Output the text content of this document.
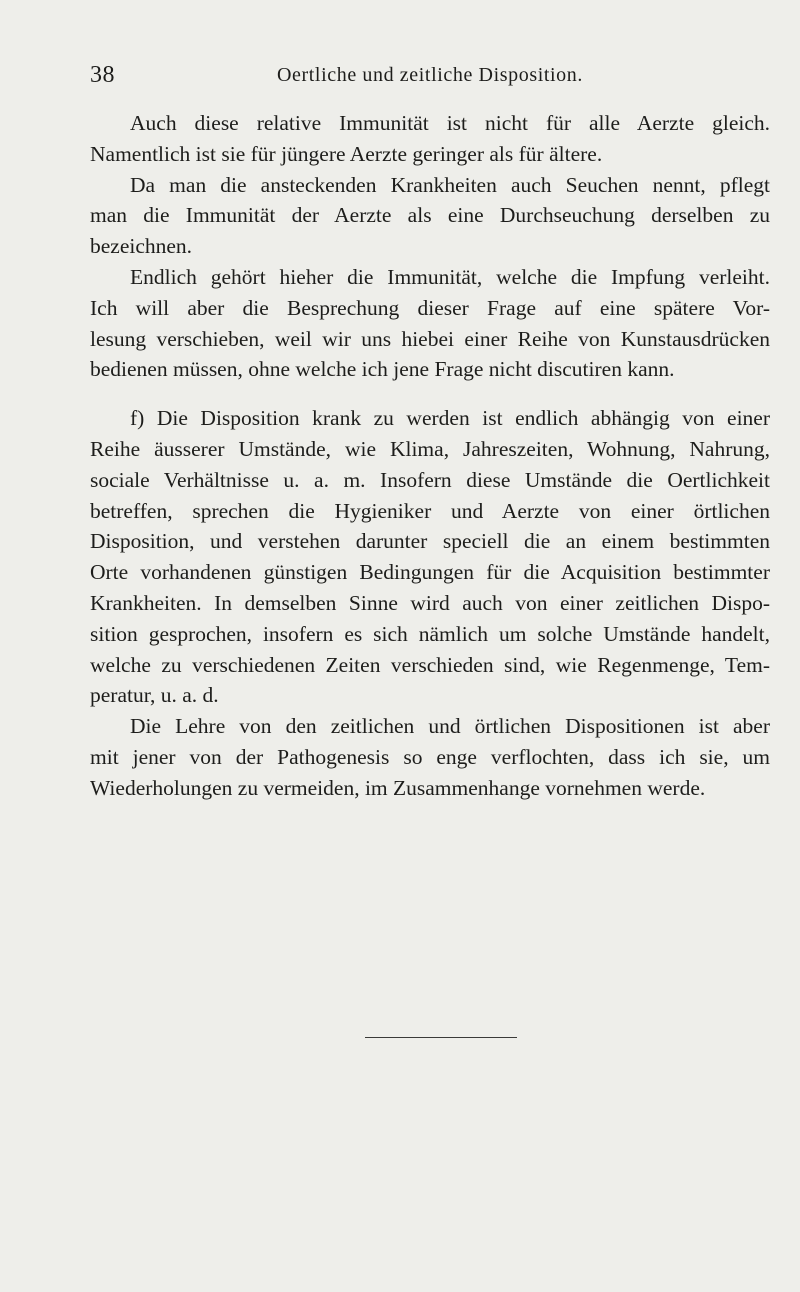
38	Oertliche und zeitliche Disposition.

Auch diese relative Immunität ist nicht für alle Aerzte gleich.
Namentlich ist sie für jüngere Aerzte geringer als für ältere.

Da man die ansteckenden Krankheiten auch Seuchen nennt, pflegt
man die Immunität der Aerzte als eine Durchseuchung derselben zu
bezeichnen.

Endlich gehört hieher die Immunität, welche die Impfung verleiht.
Ich will aber die Besprechung dieser Frage auf eine spätere Vor-
lesung verschieben, weil wir uns hiebei einer Reihe von Kunstausdrücken
bedienen müssen, ohne welche ich jene Frage nicht discutiren kann.

f) Die Disposition krank zu werden ist endlich abhängig von einer
Reihe äusserer Umstände, wie Klima, Jahreszeiten, Wohnung, Nahrung,
sociale Verhältnisse u. a. m. Insofern diese Umstände die Oertlichkeit
betreffen, sprechen die Hygieniker und Aerzte von einer örtlichen
Disposition, und verstehen darunter speciell die an einem bestimmten
Orte vorhandenen günstigen Bedingungen für die Acquisition bestimmter
Krankheiten. In demselben Sinne wird auch von einer zeitlichen Dispo-
sition gesprochen, insofern es sich nämlich um solche Umstände handelt,
welche zu verschiedenen Zeiten verschieden sind, wie Regenmenge, Tem-
peratur, u. a. d.

Die Lehre von den zeitlichen und örtlichen Dispositionen ist aber
mit jener von der Pathogenesis so enge verflochten, dass ich sie, um
Wiederholungen zu vermeiden, im Zusammenhange vornehmen werde.
